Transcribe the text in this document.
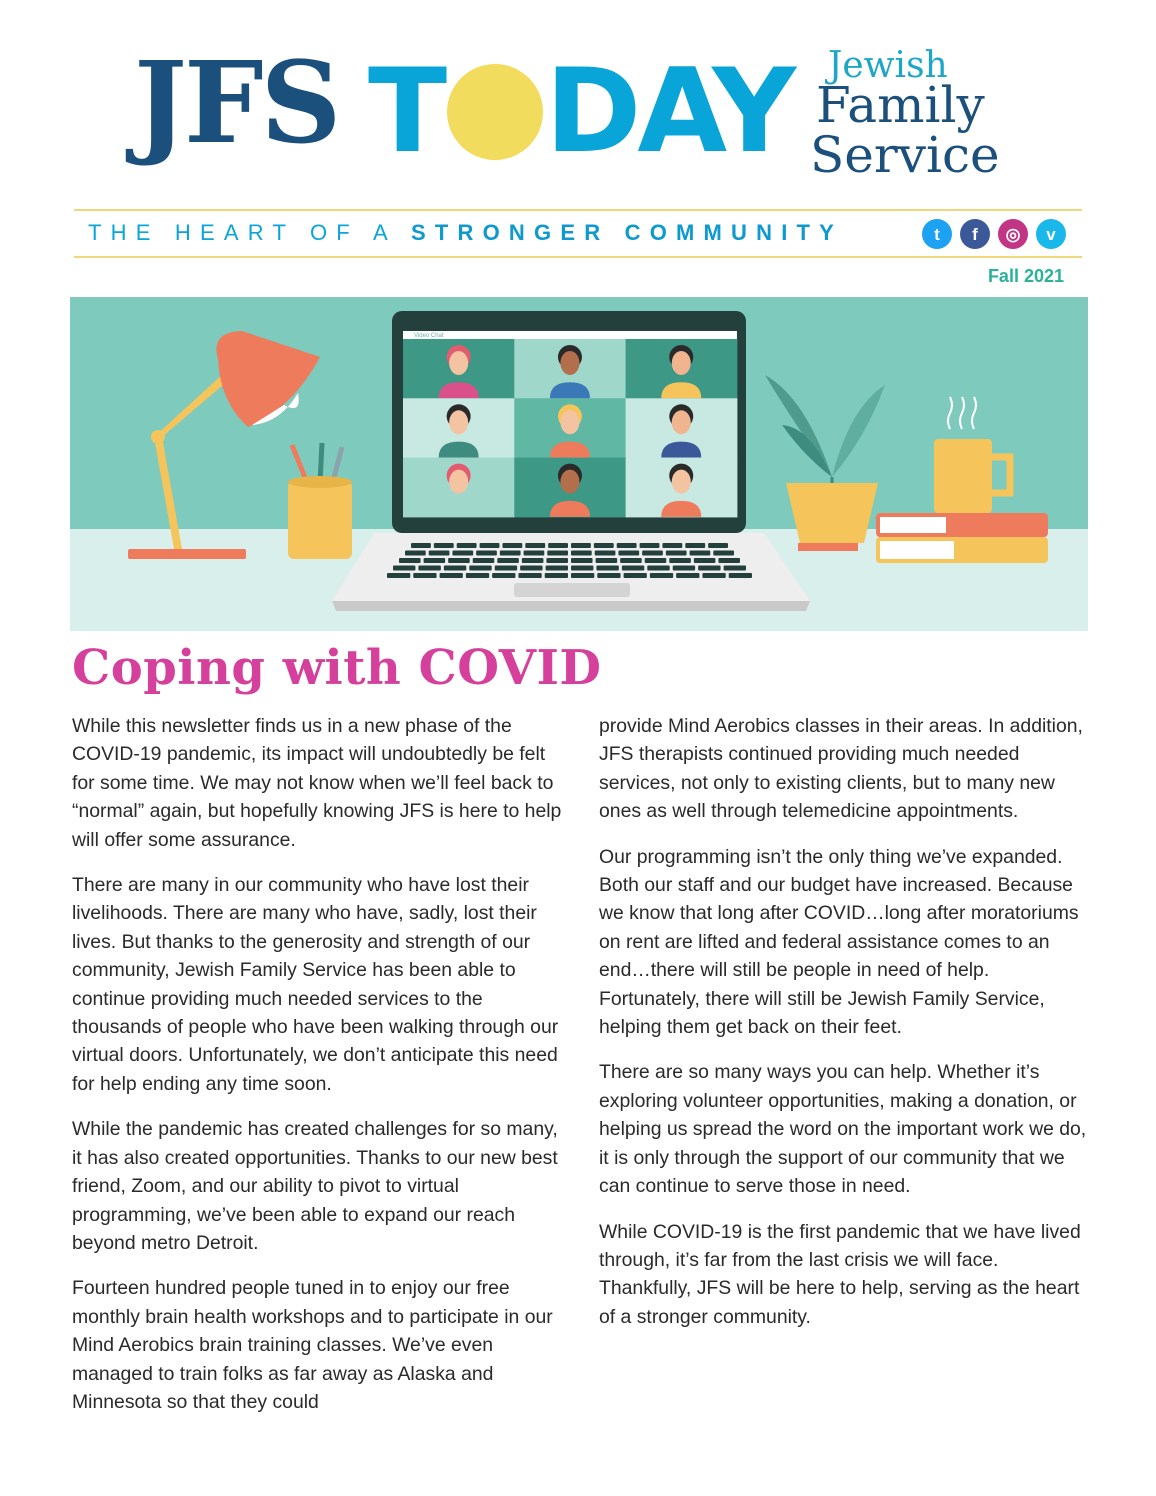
JFS T DAY Jewish
Family
Service
THE HEART OF A STRONGER COMMUNITY	t	f	◎	v
Fall 2021
Video Chat
Coping with COVID

While this newsletter finds us in a new phase of the COVID-19 pandemic, its impact will undoubtedly be felt for some time. We may not know when we’ll feel back to “normal” again, but hopefully knowing JFS is here to help will offer some assurance.

There are many in our community who have lost their livelihoods. There are many who have, sadly, lost their lives. But thanks to the generosity and strength of our community, Jewish Family Service has been able to continue providing much needed services to the thousands of people who have been walking through our virtual doors. Unfortunately, we don’t anticipate this need for help ending any time soon.

While the pandemic has created challenges for so many, it has also created opportunities. Thanks to our new best friend, Zoom, and our ability to pivot to virtual programming, we’ve been able to expand our reach beyond metro Detroit.

Fourteen hundred people tuned in to enjoy our free monthly brain health workshops and to participate in our Mind Aerobics brain training classes. We’ve even managed to train folks as far away as Alaska and Minnesota so that they could

provide Mind Aerobics classes in their areas. In addition, JFS therapists continued providing much needed services, not only to existing clients, but to many new ones as well through telemedicine appointments.

Our programming isn’t the only thing we’ve expanded. Both our staff and our budget have increased. Because we know that long after COVID…long after moratoriums on rent are lifted and federal assistance comes to an end…there will still be people in need of help. Fortunately, there will still be Jewish Family Service, helping them get back on their feet.

There are so many ways you can help. Whether it’s exploring volunteer opportunities, making a donation, or helping us spread the word on the important work we do, it is only through the support of our community that we can continue to serve those in need.

While COVID-19 is the first pandemic that we have lived through, it’s far from the last crisis we will face. Thankfully, JFS will be here to help, serving as the heart of a stronger community.
